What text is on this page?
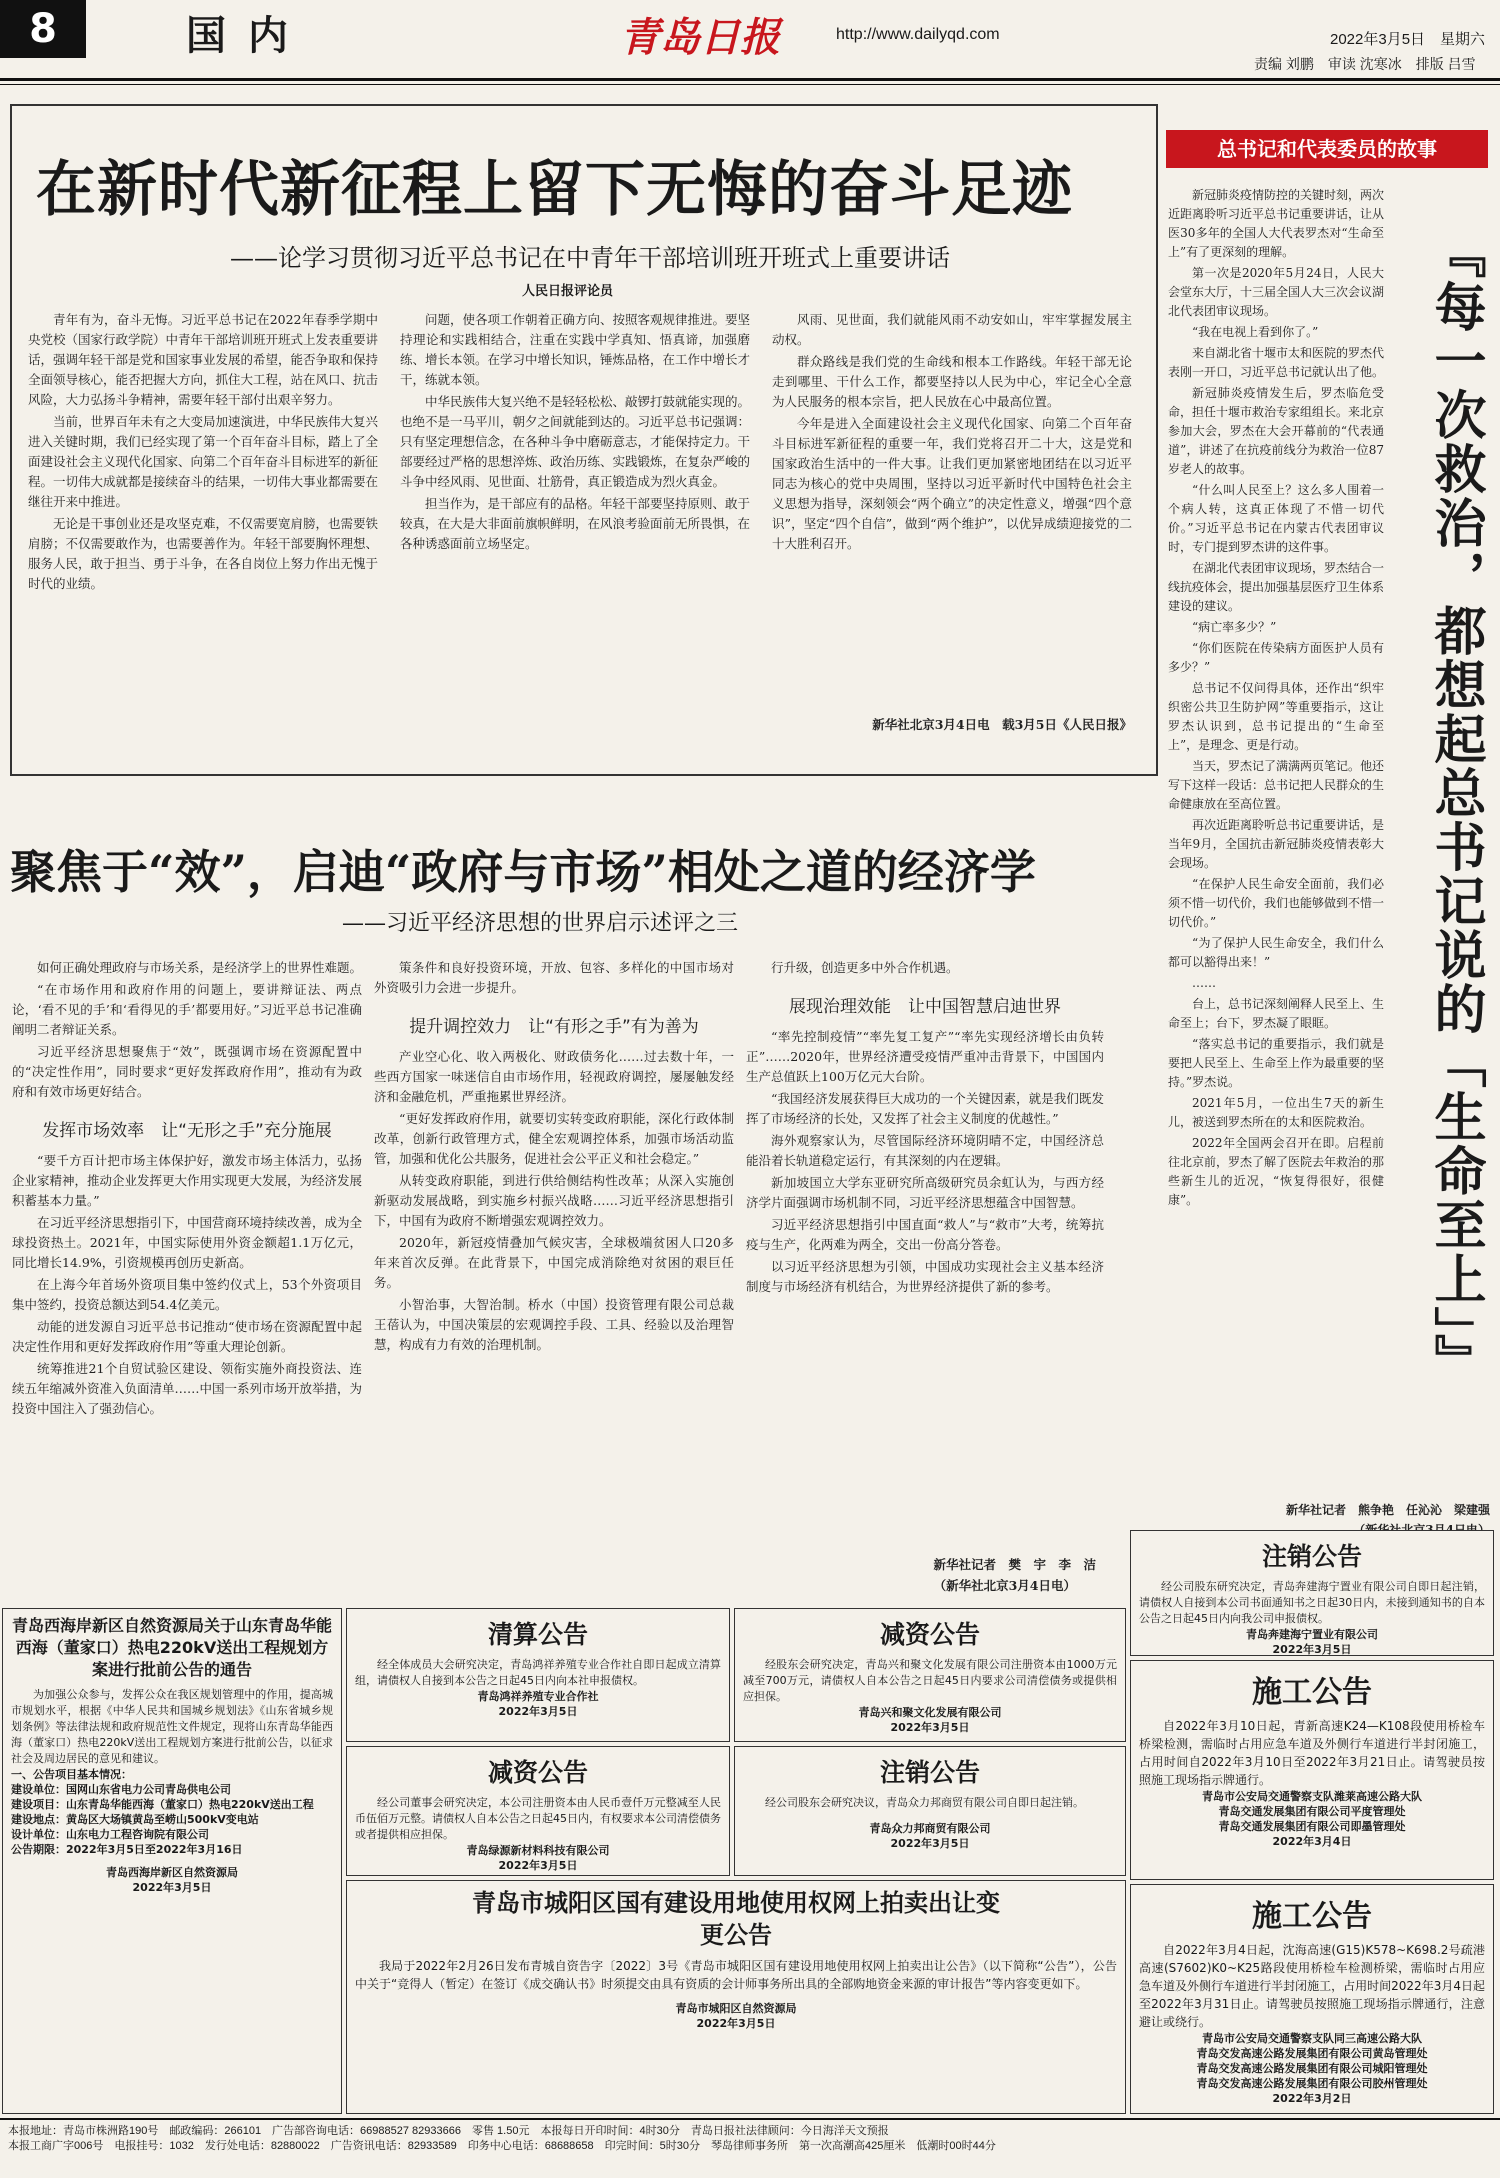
8	国内	青岛日报	http://www.dailyqd.com	2022年3月5日　星期六
责编 刘鹏　审读 沈寒冰　排版 吕雪
在新时代新征程上留下无悔的奋斗足迹
——论学习贯彻习近平总书记在中青年干部培训班开班式上重要讲话
人民日报评论员

青年有为，奋斗无悔。习近平总书记在2022年春季学期中央党校（国家行政学院）中青年干部培训班开班式上发表重要讲话，强调年轻干部是党和国家事业发展的希望，能否争取和保持全面领导核心，能否把握大方向，抓住大工程，站在风口、抗击风险，大力弘扬斗争精神，需要年轻干部付出艰辛努力。

当前，世界百年未有之大变局加速演进，中华民族伟大复兴进入关键时期，我们已经实现了第一个百年奋斗目标，踏上了全面建设社会主义现代化国家、向第二个百年奋斗目标进军的新征程。一切伟大成就都是接续奋斗的结果，一切伟大事业都需要在继往开来中推进。

无论是干事创业还是攻坚克难，不仅需要宽肩膀，也需要铁肩膀；不仅需要敢作为，也需要善作为。年轻干部要胸怀理想、服务人民，敢于担当、勇于斗争，在各自岗位上努力作出无愧于时代的业绩。

问题，使各项工作朝着正确方向、按照客观规律推进。要坚持理论和实践相结合，注重在实践中学真知、悟真谛，加强磨练、增长本领。在学习中增长知识，锤炼品格，在工作中增长才干，练就本领。

中华民族伟大复兴绝不是轻轻松松、敲锣打鼓就能实现的。也绝不是一马平川，朝夕之间就能到达的。习近平总书记强调：只有坚定理想信念，在各种斗争中磨砺意志，才能保持定力。干部要经过严格的思想淬炼、政治历练、实践锻炼，在复杂严峻的斗争中经风雨、见世面、壮筋骨，真正锻造成为烈火真金。

担当作为，是干部应有的品格。年轻干部要坚持原则、敢于较真，在大是大非面前旗帜鲜明，在风浪考验面前无所畏惧，在各种诱惑面前立场坚定。

风雨、见世面，我们就能风雨不动安如山，牢牢掌握发展主动权。

群众路线是我们党的生命线和根本工作路线。年轻干部无论走到哪里、干什么工作，都要坚持以人民为中心，牢记全心全意为人民服务的根本宗旨，把人民放在心中最高位置。

今年是进入全面建设社会主义现代化国家、向第二个百年奋斗目标进军新征程的重要一年，我们党将召开二十大，这是党和国家政治生活中的一件大事。让我们更加紧密地团结在以习近平同志为核心的党中央周围，坚持以习近平新时代中国特色社会主义思想为指导，深刻领会“两个确立”的决定性意义，增强“四个意识”，坚定“四个自信”，做到“两个维护”，以优异成绩迎接党的二十大胜利召开。

新华社北京3月4日电　载3月5日《人民日报》
聚焦于“效”，启迪“政府与市场”相处之道的经济学
——习近平经济思想的世界启示述评之三

如何正确处理政府与市场关系，是经济学上的世界性难题。

“在市场作用和政府作用的问题上，要讲辩证法、两点论，‘看不见的手’和‘看得见的手’都要用好。”习近平总书记准确阐明二者辩证关系。

习近平经济思想聚焦于“效”，既强调市场在资源配置中的“决定性作用”，同时要求“更好发挥政府作用”，推动有为政府和有效市场更好结合。

发挥市场效率　让“无形之手”充分施展

“要千方百计把市场主体保护好，激发市场主体活力，弘扬企业家精神，推动企业发挥更大作用实现更大发展，为经济发展积蓄基本力量。”

在习近平经济思想指引下，中国营商环境持续改善，成为全球投资热土。2021年，中国实际使用外资金额超1.1万亿元，同比增长14.9%，引资规模再创历史新高。

在上海今年首场外资项目集中签约仪式上，53个外资项目集中签约，投资总额达到54.4亿美元。

动能的迸发源自习近平总书记推动“使市场在资源配置中起决定性作用和更好发挥政府作用”等重大理论创新。

统筹推进21个自贸试验区建设、领衔实施外商投资法、连续五年缩减外资准入负面清单……中国一系列市场开放举措，为投资中国注入了强劲信心。

策条件和良好投资环境，开放、包容、多样化的中国市场对外资吸引力会进一步提升。

提升调控效力　让“有形之手”有为善为

产业空心化、收入两极化、财政债务化……过去数十年，一些西方国家一味迷信自由市场作用，轻视政府调控，屡屡触发经济和金融危机，严重拖累世界经济。

“更好发挥政府作用，就要切实转变政府职能，深化行政体制改革，创新行政管理方式，健全宏观调控体系，加强市场活动监管，加强和优化公共服务，促进社会公平正义和社会稳定。”

从转变政府职能，到进行供给侧结构性改革；从深入实施创新驱动发展战略，到实施乡村振兴战略……习近平经济思想指引下，中国有为政府不断增强宏观调控效力。

2020年，新冠疫情叠加气候灾害，全球极端贫困人口20多年来首次反弹。在此背景下，中国完成消除绝对贫困的艰巨任务。

小智治事，大智治制。桥水（中国）投资管理有限公司总裁王蓓认为，中国决策层的宏观调控手段、工具、经验以及治理智慧，构成有力有效的治理机制。

行升级，创造更多中外合作机遇。

展现治理效能　让中国智慧启迪世界

“率先控制疫情”“率先复工复产”“率先实现经济增长由负转正”……2020年，世界经济遭受疫情严重冲击背景下，中国国内生产总值跃上100万亿元大台阶。

“我国经济发展获得巨大成功的一个关键因素，就是我们既发挥了市场经济的长处，又发挥了社会主义制度的优越性。”

海外观察家认为，尽管国际经济环境阴晴不定，中国经济总能沿着长轨道稳定运行，有其深刻的内在逻辑。

新加坡国立大学东亚研究所高级研究员余虹认为，与西方经济学片面强调市场机制不同，习近平经济思想蕴含中国智慧。

习近平经济思想指引中国直面“救人”与“救市”大考，统筹抗疫与生产，化两难为两全，交出一份高分答卷。

以习近平经济思想为引领，中国成功实现社会主义基本经济制度与市场经济有机结合，为世界经济提供了新的参考。

新华社记者　樊　宇　李　洁
（新华社北京3月4日电）
总书记和代表委员的故事
『每一次救治，都想起总书记说的「生命至上」』

新冠肺炎疫情防控的关键时刻，两次近距离聆听习近平总书记重要讲话，让从医30多年的全国人大代表罗杰对“生命至上”有了更深刻的理解。

第一次是2020年5月24日，人民大会堂东大厅，十三届全国人大三次会议湖北代表团审议现场。

“我在电视上看到你了。”

来自湖北省十堰市太和医院的罗杰代表刚一开口，习近平总书记就认出了他。

新冠肺炎疫情发生后，罗杰临危受命，担任十堰市救治专家组组长。来北京参加大会，罗杰在大会开幕前的“代表通道”，讲述了在抗疫前线分为救治一位87岁老人的故事。

“什么叫人民至上？这么多人围着一个病人转，这真正体现了不惜一切代价。”习近平总书记在内蒙古代表团审议时，专门提到罗杰讲的这件事。

在湖北代表团审议现场，罗杰结合一线抗疫体会，提出加强基层医疗卫生体系建设的建议。

“病亡率多少？”

“你们医院在传染病方面医护人员有多少？”

总书记不仅问得具体，还作出“织牢织密公共卫生防护网”等重要指示，这让罗杰认识到，总书记提出的“生命至上”，是理念、更是行动。

当天，罗杰记了满满两页笔记。他还写下这样一段话：总书记把人民群众的生命健康放在至高位置。

再次近距离聆听总书记重要讲话，是当年9月，全国抗击新冠肺炎疫情表彰大会现场。

“在保护人民生命安全面前，我们必须不惜一切代价，我们也能够做到不惜一切代价。”

“为了保护人民生命安全，我们什么都可以豁得出来！”

……

台上，总书记深刻阐释人民至上、生命至上；台下，罗杰凝了眼眶。

“落实总书记的重要指示，我们就是要把人民至上、生命至上作为最重要的坚持。”罗杰说。

2021年5月，一位出生7天的新生儿，被送到罗杰所在的太和医院救治。

2022年全国两会召开在即。启程前往北京前，罗杰了解了医院去年救治的那些新生儿的近况，“恢复得很好，很健康”。

新华社记者　熊争艳　任沁沁　梁建强
注销公告
经公司股东研究决定，青岛奔建海宁置业有限公司自即日起注销，请债权人自接到本公司书面通知书之日起30日内，未接到通知书的自本公告之日起45日内向我公司申报债权。
青岛奔建海宁置业有限公司
2022年3月5日
施工公告
自2022年3月10日起，青新高速K24—K108段使用桥检车桥梁检测，需临时占用应急车道及外侧行车道进行半封闭施工，占用时间自2022年3月10日至2022年3月21日止。请驾驶员按照施工现场指示牌通行。
青岛市公安局交通警察支队潍莱高速公路大队
青岛交通发展集团有限公司平度管理处
青岛交通发展集团有限公司即墨管理处
2022年3月4日
施工公告
自2022年3月4日起，沈海高速(G15)K578~K698.2号疏港高速(S7602)K0~K25路段使用桥检车检测桥梁，需临时占用应急车道及外侧行车道进行半封闭施工，占用时间2022年3月4日起至2022年3月31日止。请驾驶员按照施工现场指示牌通行，注意避让或绕行。
青岛市公安局交通警察支队同三高速公路大队
青岛交发高速公路发展集团有限公司黄岛管理处
青岛交发高速公路发展集团有限公司城阳管理处
青岛交发高速公路发展集团有限公司胶州管理处
2022年3月2日
青岛西海岸新区自然资源局关于山东青岛华能西海（董家口）热电220kV送出工程规划方案进行批前公告的通告
为加强公众参与，发挥公众在我区规划管理中的作用，提高城市规划水平，根据《中华人民共和国城乡规划法》《山东省城乡规划条例》等法律法规和政府规范性文件规定，现将山东青岛华能西海（董家口）热电220kV送出工程规划方案进行批前公告，以征求社会及周边居民的意见和建议。
一、公告项目基本情况：
建设单位：国网山东省电力公司青岛供电公司
建设项目：山东青岛华能西海（董家口）热电220kV送出工程
建设地点：黄岛区大场镇黄岛至崂山500kV变电站
设计单位：山东电力工程咨询院有限公司
公告期限：2022年3月5日至2022年3月16日
青岛西海岸新区自然资源局
2022年3月5日
清算公告
经全体成员大会研究决定，青岛鸿祥养殖专业合作社自即日起成立清算组，请债权人自接到本公告之日起45日内向本社申报债权。
青岛鸿祥养殖专业合作社
2022年3月5日
减资公告
经股东会研究决定，青岛兴和聚文化发展有限公司注册资本由1000万元减至700万元，请债权人自本公告之日起45日内要求公司清偿债务或提供相应担保。
青岛兴和聚文化发展有限公司
2022年3月5日
减资公告
经公司董事会研究决定，本公司注册资本由人民币壹仟万元整减至人民币伍佰万元整。请债权人自本公告之日起45日内，有权要求本公司清偿债务或者提供相应担保。
青岛绿源新材料科技有限公司
2022年3月5日
注销公告
经公司股东会研究决议，青岛众力邦商贸有限公司自即日起注销。
青岛众力邦商贸有限公司
2022年3月5日
青岛市城阳区国有建设用地使用权网上拍卖出让变更公告
我局于2022年2月26日发布青城自资告字〔2022〕3号《青岛市城阳区国有建设用地使用权网上拍卖出让公告》（以下简称“公告”），公告中关于“竞得人（暂定）在签订《成交确认书》时须提交由具有资质的会计师事务所出具的全部购地资金来源的审计报告”等内容变更如下。
青岛市城阳区自然资源局
2022年3月5日
本报地址：青岛市株洲路190号　邮政编码：266101　广告部咨询电话：66988527 82933666　零售 1.50元　本报每日开印时间：4时30分　青岛日报社法律顾问：今日海洋天文预报
本报工商广字006号　电报挂号：1032　发行处电话：82880022　广告资讯电话：82933589　印务中心电话：68688658　印完时间：5时30分　琴岛律师事务所　第一次高潮高425厘米　低潮时00时44分
